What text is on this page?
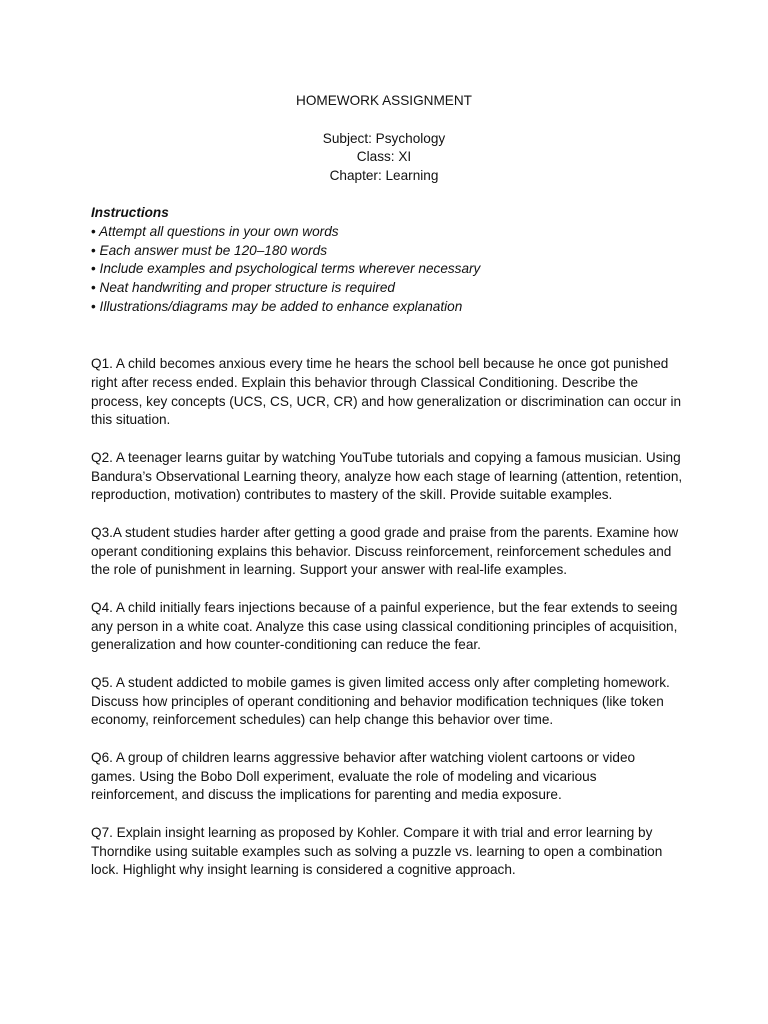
HOMEWORK ASSIGNMENT
Subject: Psychology
Class: XI
Chapter: Learning
Instructions
• Attempt all questions in your own words
• Each answer must be 120–180 words
• Include examples and psychological terms wherever necessary
• Neat handwriting and proper structure is required
• Illustrations/diagrams may be added to enhance explanation

Q1. A child becomes anxious every time he hears the school bell because he once got punished right after recess ended. Explain this behavior through Classical Conditioning. Describe the process, key concepts (UCS, CS, UCR, CR) and how generalization or discrimination can occur in this situation.

Q2. A teenager learns guitar by watching YouTube tutorials and copying a famous musician. Using Bandura’s Observational Learning theory, analyze how each stage of learning (attention, retention, reproduction, motivation) contributes to mastery of the skill. Provide suitable examples.

Q3.A student studies harder after getting a good grade and praise from the parents. Examine how operant conditioning explains this behavior. Discuss reinforcement, reinforcement schedules and the role of punishment in learning. Support your answer with real-life examples.

Q4. A child initially fears injections because of a painful experience, but the fear extends to seeing any person in a white coat. Analyze this case using classical conditioning principles of acquisition, generalization and how counter-conditioning can reduce the fear.

Q5. A student addicted to mobile games is given limited access only after completing homework. Discuss how principles of operant conditioning and behavior modification techniques (like token economy, reinforcement schedules) can help change this behavior over time.

Q6. A group of children learns aggressive behavior after watching violent cartoons or video games. Using the Bobo Doll experiment, evaluate the role of modeling and vicarious reinforcement, and discuss the implications for parenting and media exposure.

Q7. Explain insight learning as proposed by Kohler. Compare it with trial and error learning by Thorndike using suitable examples such as solving a puzzle vs. learning to open a combination lock. Highlight why insight learning is considered a cognitive approach.
